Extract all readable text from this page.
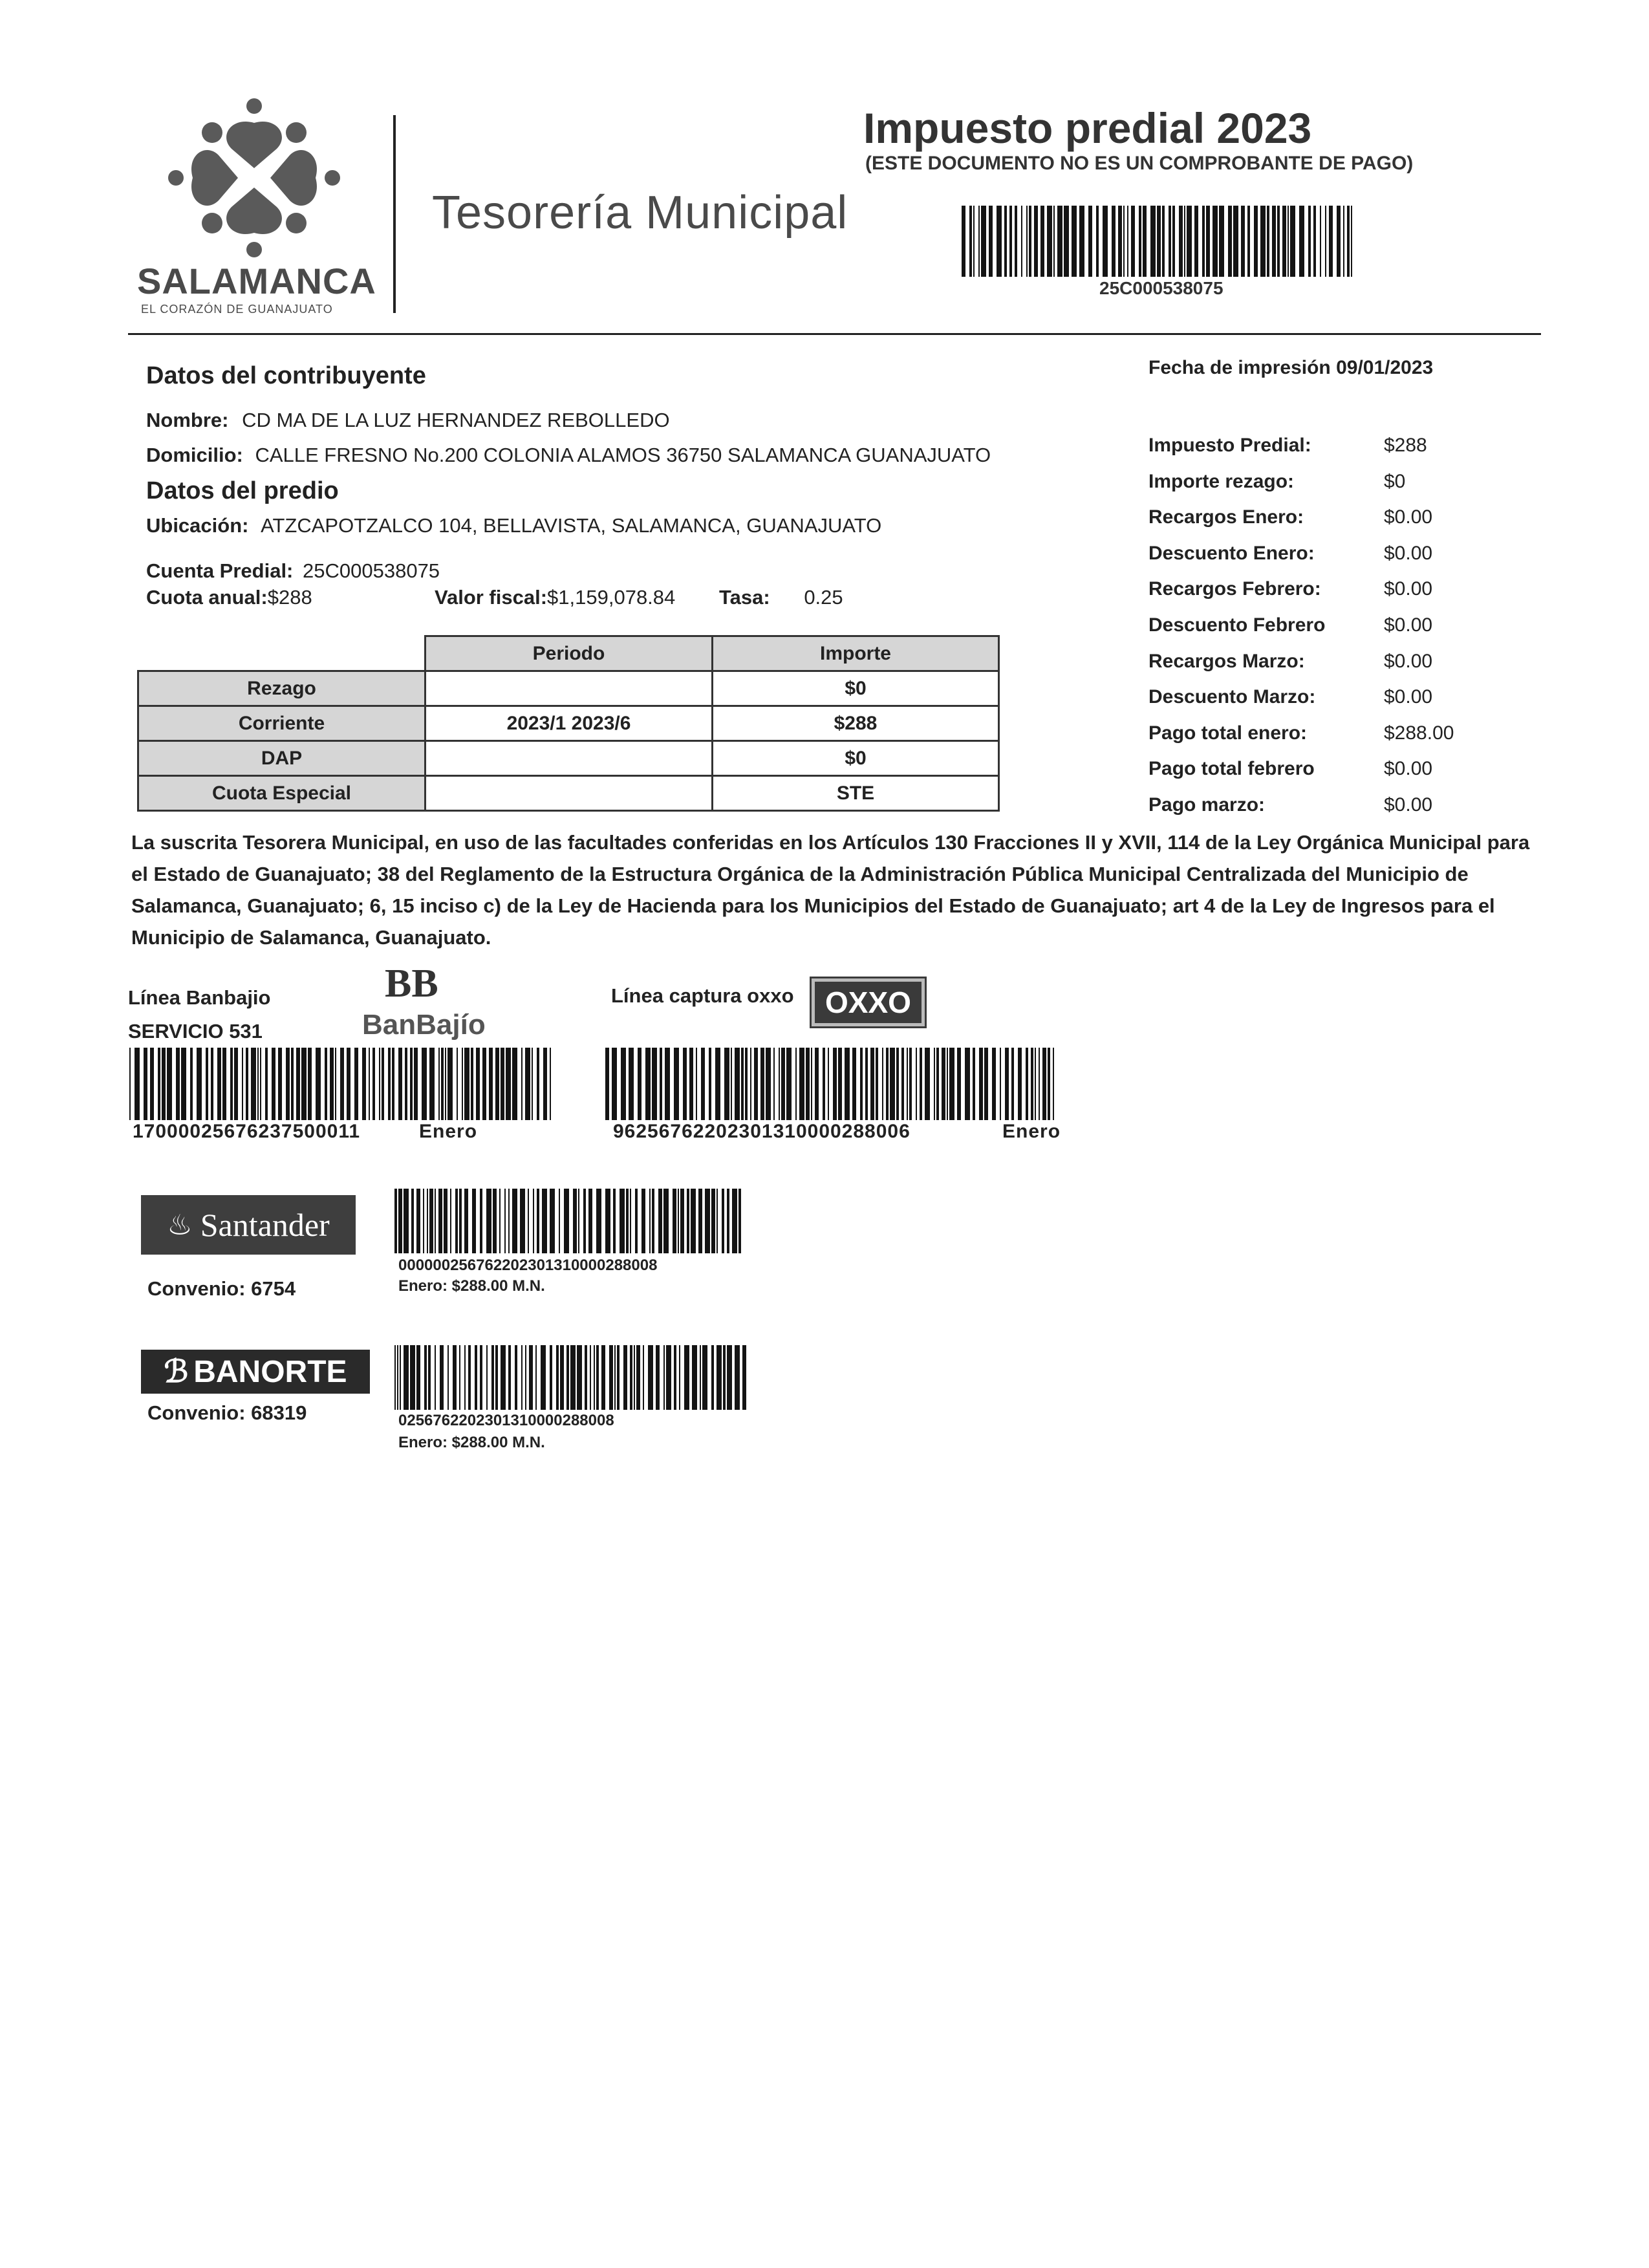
SALAMANCA
EL CORAZÓN DE GUANAJUATO
Tesorería Municipal
Impuesto predial 2023
(ESTE DOCUMENTO NO ES UN COMPROBANTE DE PAGO)
25C000538075
Datos del contribuyente
Nombre: CD MA DE LA LUZ HERNANDEZ REBOLLEDO
Domicilio: CALLE FRESNO No.200 COLONIA ALAMOS 36750 SALAMANCA GUANAJUATO
Datos del predio
Ubicación: ATZCAPOTZALCO 104, BELLAVISTA, SALAMANCA, GUANAJUATO
Cuenta Predial: 25C000538075
Cuota anual:$288	Valor fiscal:$1,159,078.84 Tasa: 0.25
	Periodo	Importe
Rezago		$0
Corriente	2023/1 2023/6	$288
DAP		$0
Cuota Especial		STE
Fecha de impresión 09/01/2023
Impuesto Predial:	$288
Importe rezago:	$0
Recargos Enero:	$0.00
Descuento Enero:	$0.00
Recargos Febrero:	$0.00
Descuento Febrero	$0.00
Recargos Marzo:	$0.00
Descuento Marzo:	$0.00
Pago total enero:	$288.00
Pago total febrero	$0.00
Pago marzo:	$0.00
La suscrita Tesorera Municipal, en uso de las facultades conferidas en los Artículos 130 Fracciones II y XVII, 114 de la Ley Orgánica Municipal para el Estado de Guanajuato; 38 del Reglamento de la Estructura Orgánica de la Administración Pública Municipal Centralizada del Municipio de Salamanca, Guanajuato; 6, 15 inciso c) de la Ley de Hacienda para los Municipios del Estado de Guanajuato; art 4 de la Ley de Ingresos para el Municipio de Salamanca, Guanajuato.
Línea Banbajio
SERVICIO 531
BB
BanBajío
1700002567623750001​1	Enero
Línea captura oxxo	OXXO
96256762202301310000288006	Enero
♨ Santander
Convenio: 6754
00000025676220230131000028800​8
Enero: $288.00 M.N.
ℬ BANORTE
Convenio: 68319	02567622023013100002880​08
Enero: $288.00 M.N.
